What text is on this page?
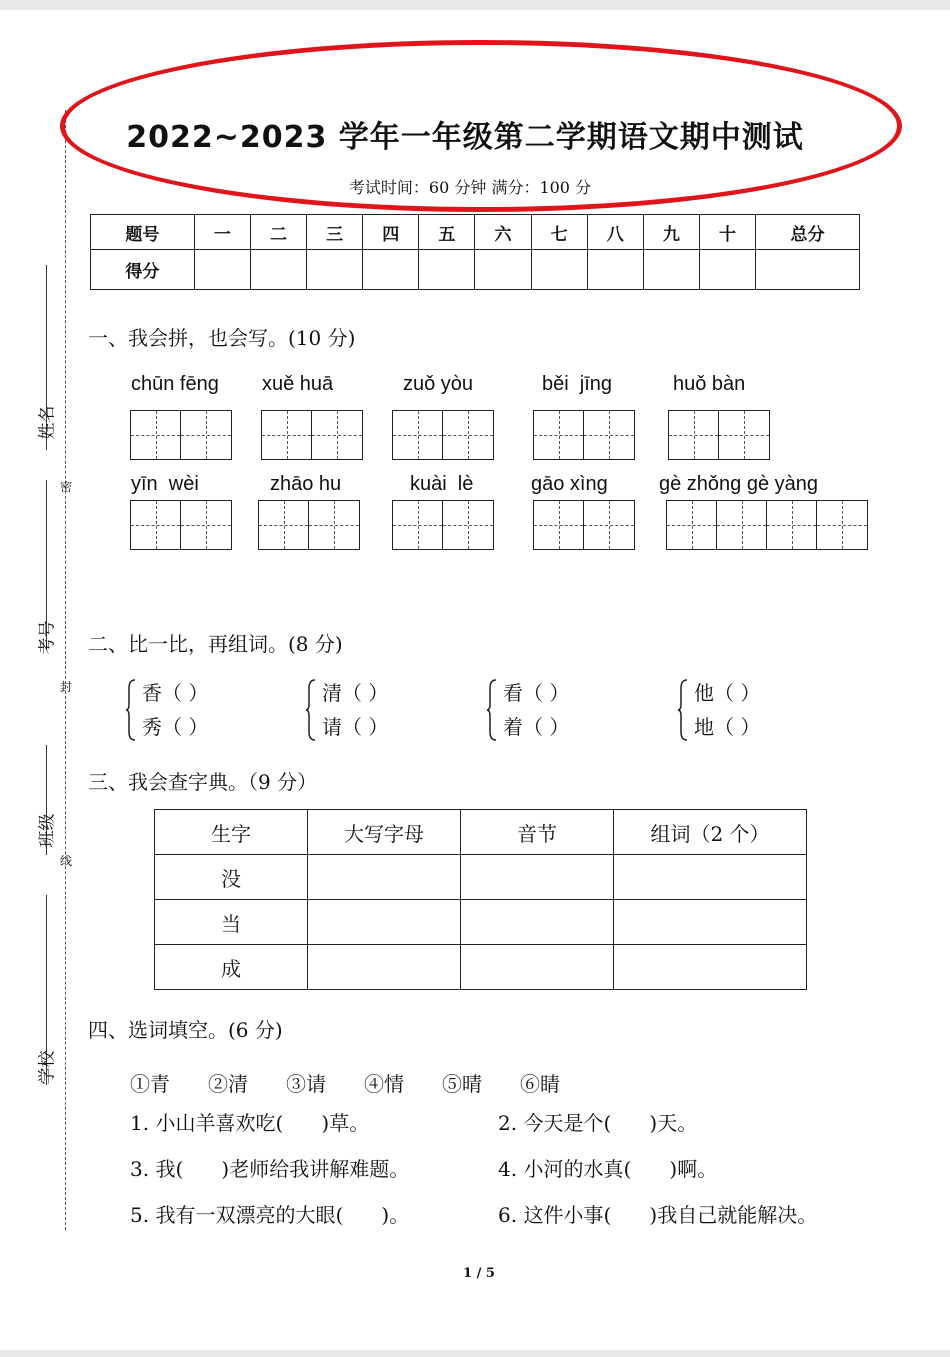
姓名
考号
班级
学校
密
封
线
考试时间：60 分钟 满分：100 分
2022~2023 学年一年级第二学期语文期中测试
题号	一	二	三	四	五	六	七	八	九	十	总分
得分											
一、我会拼，也会写。(10 分)
chūn fēng xuě huā	zuǒ yòu	běi  jīng	huǒ bàn
yīn  wèi	zhāo hu	kuài  lè	gāo xìng	gè zhǒng gè yàng
二、比一比，再组词。(8 分)
香（ ）
秀（ ）
清（ ）
请（ ）
看（ ）
着（ ）
他（ ）
地（ ）
三、我会查字典。（9 分）
生字	大写字母	音节	组词（2 个）
没			
当			
成			
四、选词填空。(6 分)
①青 ②清 ③请 ④情 ⑤晴 ⑥睛
1. 小山羊喜欢吃(      )草。	2. 今天是个(      )天。
3. 我(      )老师给我讲解难题。	4. 小河的水真(      )啊。
5. 我有一双漂亮的大眼(      )。	6. 这件小事(      )我自己就能解决。
1 / 5
